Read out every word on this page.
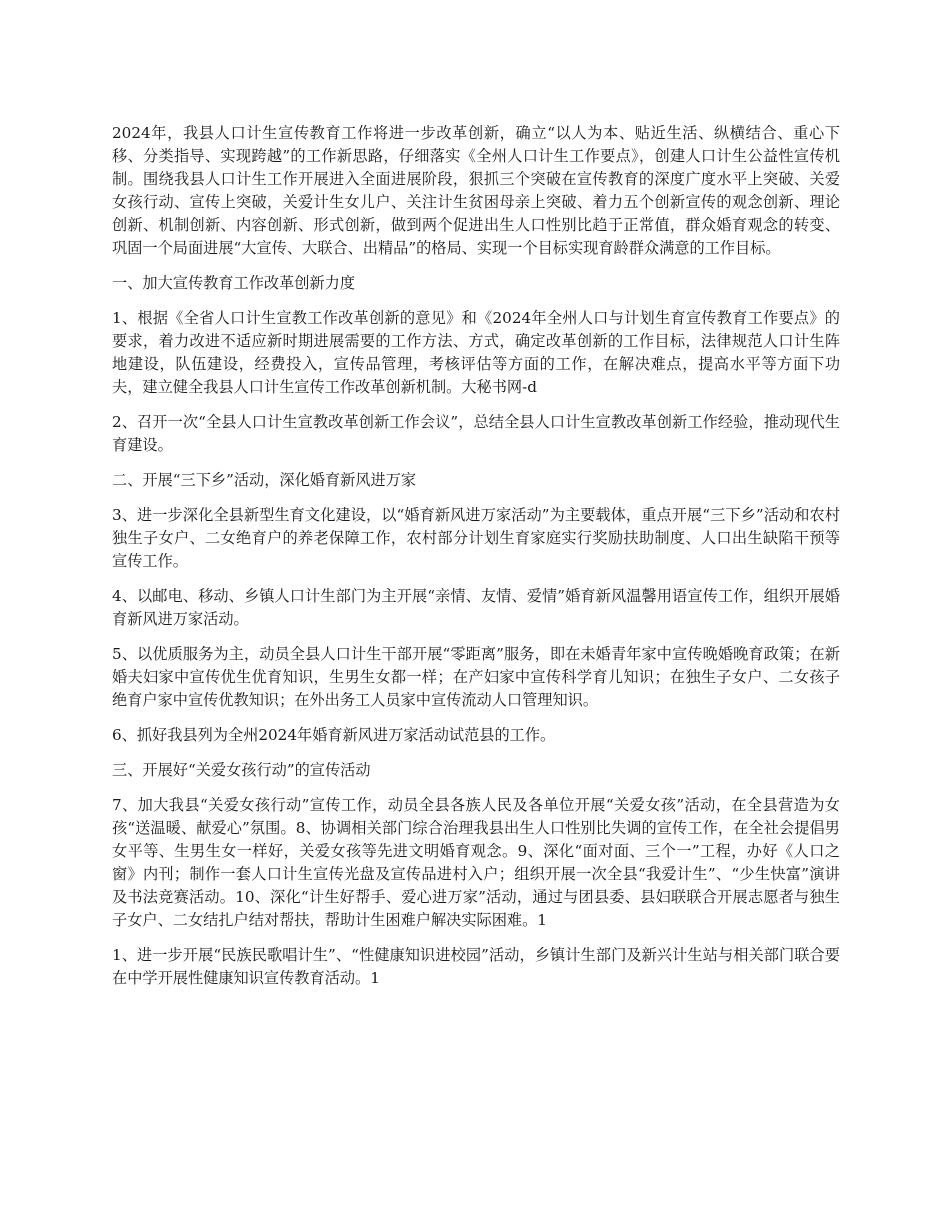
2024年，我县人口计生宣传教育工作将进一步改革创新，确立“以人为本、贴近生活、纵横结合、重心下移、分类指导、实现跨越”的工作新思路，仔细落实《全州人口计生工作要点》，创建人口计生公益性宣传机制。围绕我县人口计生工作开展进入全面进展阶段，狠抓三个突破在宣传教育的深度广度水平上突破、关爱女孩行动、宣传上突破，关爱计生女儿户、关注计生贫困母亲上突破、着力五个创新宣传的观念创新、理论创新、机制创新、内容创新、形式创新，做到两个促进出生人口性别比趋于正常值，群众婚育观念的转变、巩固一个局面进展“大宣传、大联合、出精品”的格局、实现一个目标实现育龄群众满意的工作目标。

一、加大宣传教育工作改革创新力度

1、根据《全省人口计生宣教工作改革创新的意见》和《2024年全州人口与计划生育宣传教育工作要点》的要求，着力改进不适应新时期进展需要的工作方法、方式，确定改革创新的工作目标，法律规范人口计生阵地建设，队伍建设，经费投入，宣传品管理，考核评估等方面的工作，在解决难点，提高水平等方面下功夫，建立健全我县人口计生宣传工作改革创新机制。大秘书网-d

2、召开一次“全县人口计生宣教改革创新工作会议”，总结全县人口计生宣教改革创新工作经验，推动现代生育建设。

二、开展“三下乡”活动，深化婚育新风进万家

3、进一步深化全县新型生育文化建设，以“婚育新风进万家活动”为主要载体，重点开展“三下乡”活动和农村独生子女户、二女绝育户的养老保障工作，农村部分计划生育家庭实行奖励扶助制度、人口出生缺陷干预等宣传工作。

4、以邮电、移动、乡镇人口计生部门为主开展“亲情、友情、爱情”婚育新风温馨用语宣传工作，组织开展婚育新风进万家活动。

5、以优质服务为主，动员全县人口计生干部开展“零距离”服务，即在未婚青年家中宣传晚婚晚育政策；在新婚夫妇家中宣传优生优育知识，生男生女都一样；在产妇家中宣传科学育儿知识；在独生子女户、二女孩子绝育户家中宣传优教知识；在外出务工人员家中宣传流动人口管理知识。

6、抓好我县列为全州2024年婚育新风进万家活动试范县的工作。

三、开展好“关爱女孩行动”的宣传活动

7、加大我县“关爱女孩行动”宣传工作，动员全县各族人民及各单位开展“关爱女孩”活动，在全县营造为女孩“送温暖、献爱心”氛围。8、协调相关部门综合治理我县出生人口性别比失调的宣传工作，在全社会提倡男女平等、生男生女一样好，关爱女孩等先进文明婚育观念。9、深化“面对面、三个一”工程，办好《人口之窗》内刊；制作一套人口计生宣传光盘及宣传品进村入户；组织开展一次全县“我爱计生”、“少生快富”演讲及书法竞赛活动。10、深化“计生好帮手、爱心进万家”活动，通过与团县委、县妇联联合开展志愿者与独生子女户、二女结扎户结对帮扶，帮助计生困难户解决实际困难。1

1、进一步开展“民族民歌唱计生”、“性健康知识进校园”活动，乡镇计生部门及新兴计生站与相关部门联合要在中学开展性健康知识宣传教育活动。1
